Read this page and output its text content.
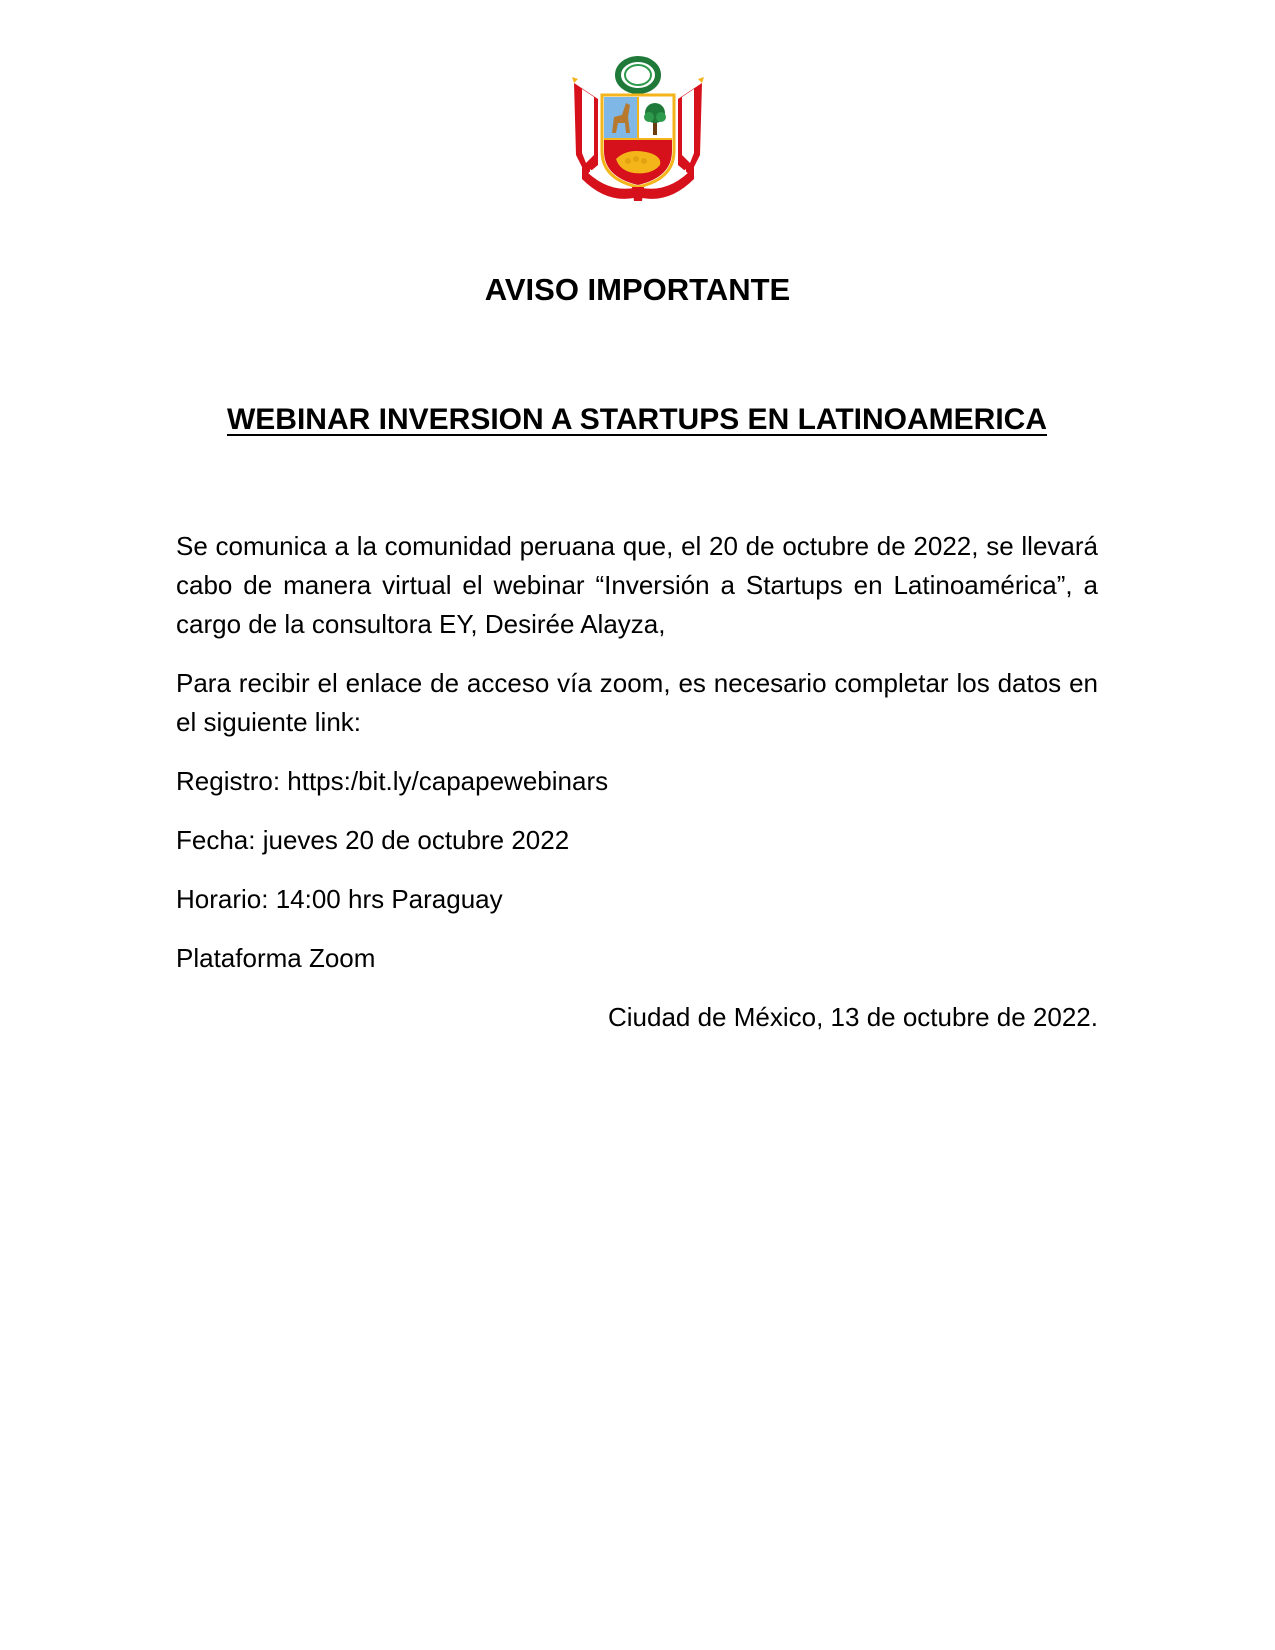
AVISO IMPORTANTE
WEBINAR INVERSION A STARTUPS EN LATINOAMERICA

Se comunica a la comunidad peruana que, el 20 de octubre de 2022, se llevará cabo de manera virtual el webinar “Inversión a Startups en Latinoamérica”, a cargo de la consultora EY, Desirée Alayza,

Para recibir el enlace de acceso vía zoom, es necesario completar los datos en el siguiente link:

Registro: https:/bit.ly/capapewebinars

Fecha: jueves 20 de octubre 2022

Horario: 14:00 hrs Paraguay

Plataforma Zoom

Ciudad de México, 13 de octubre de 2022.
